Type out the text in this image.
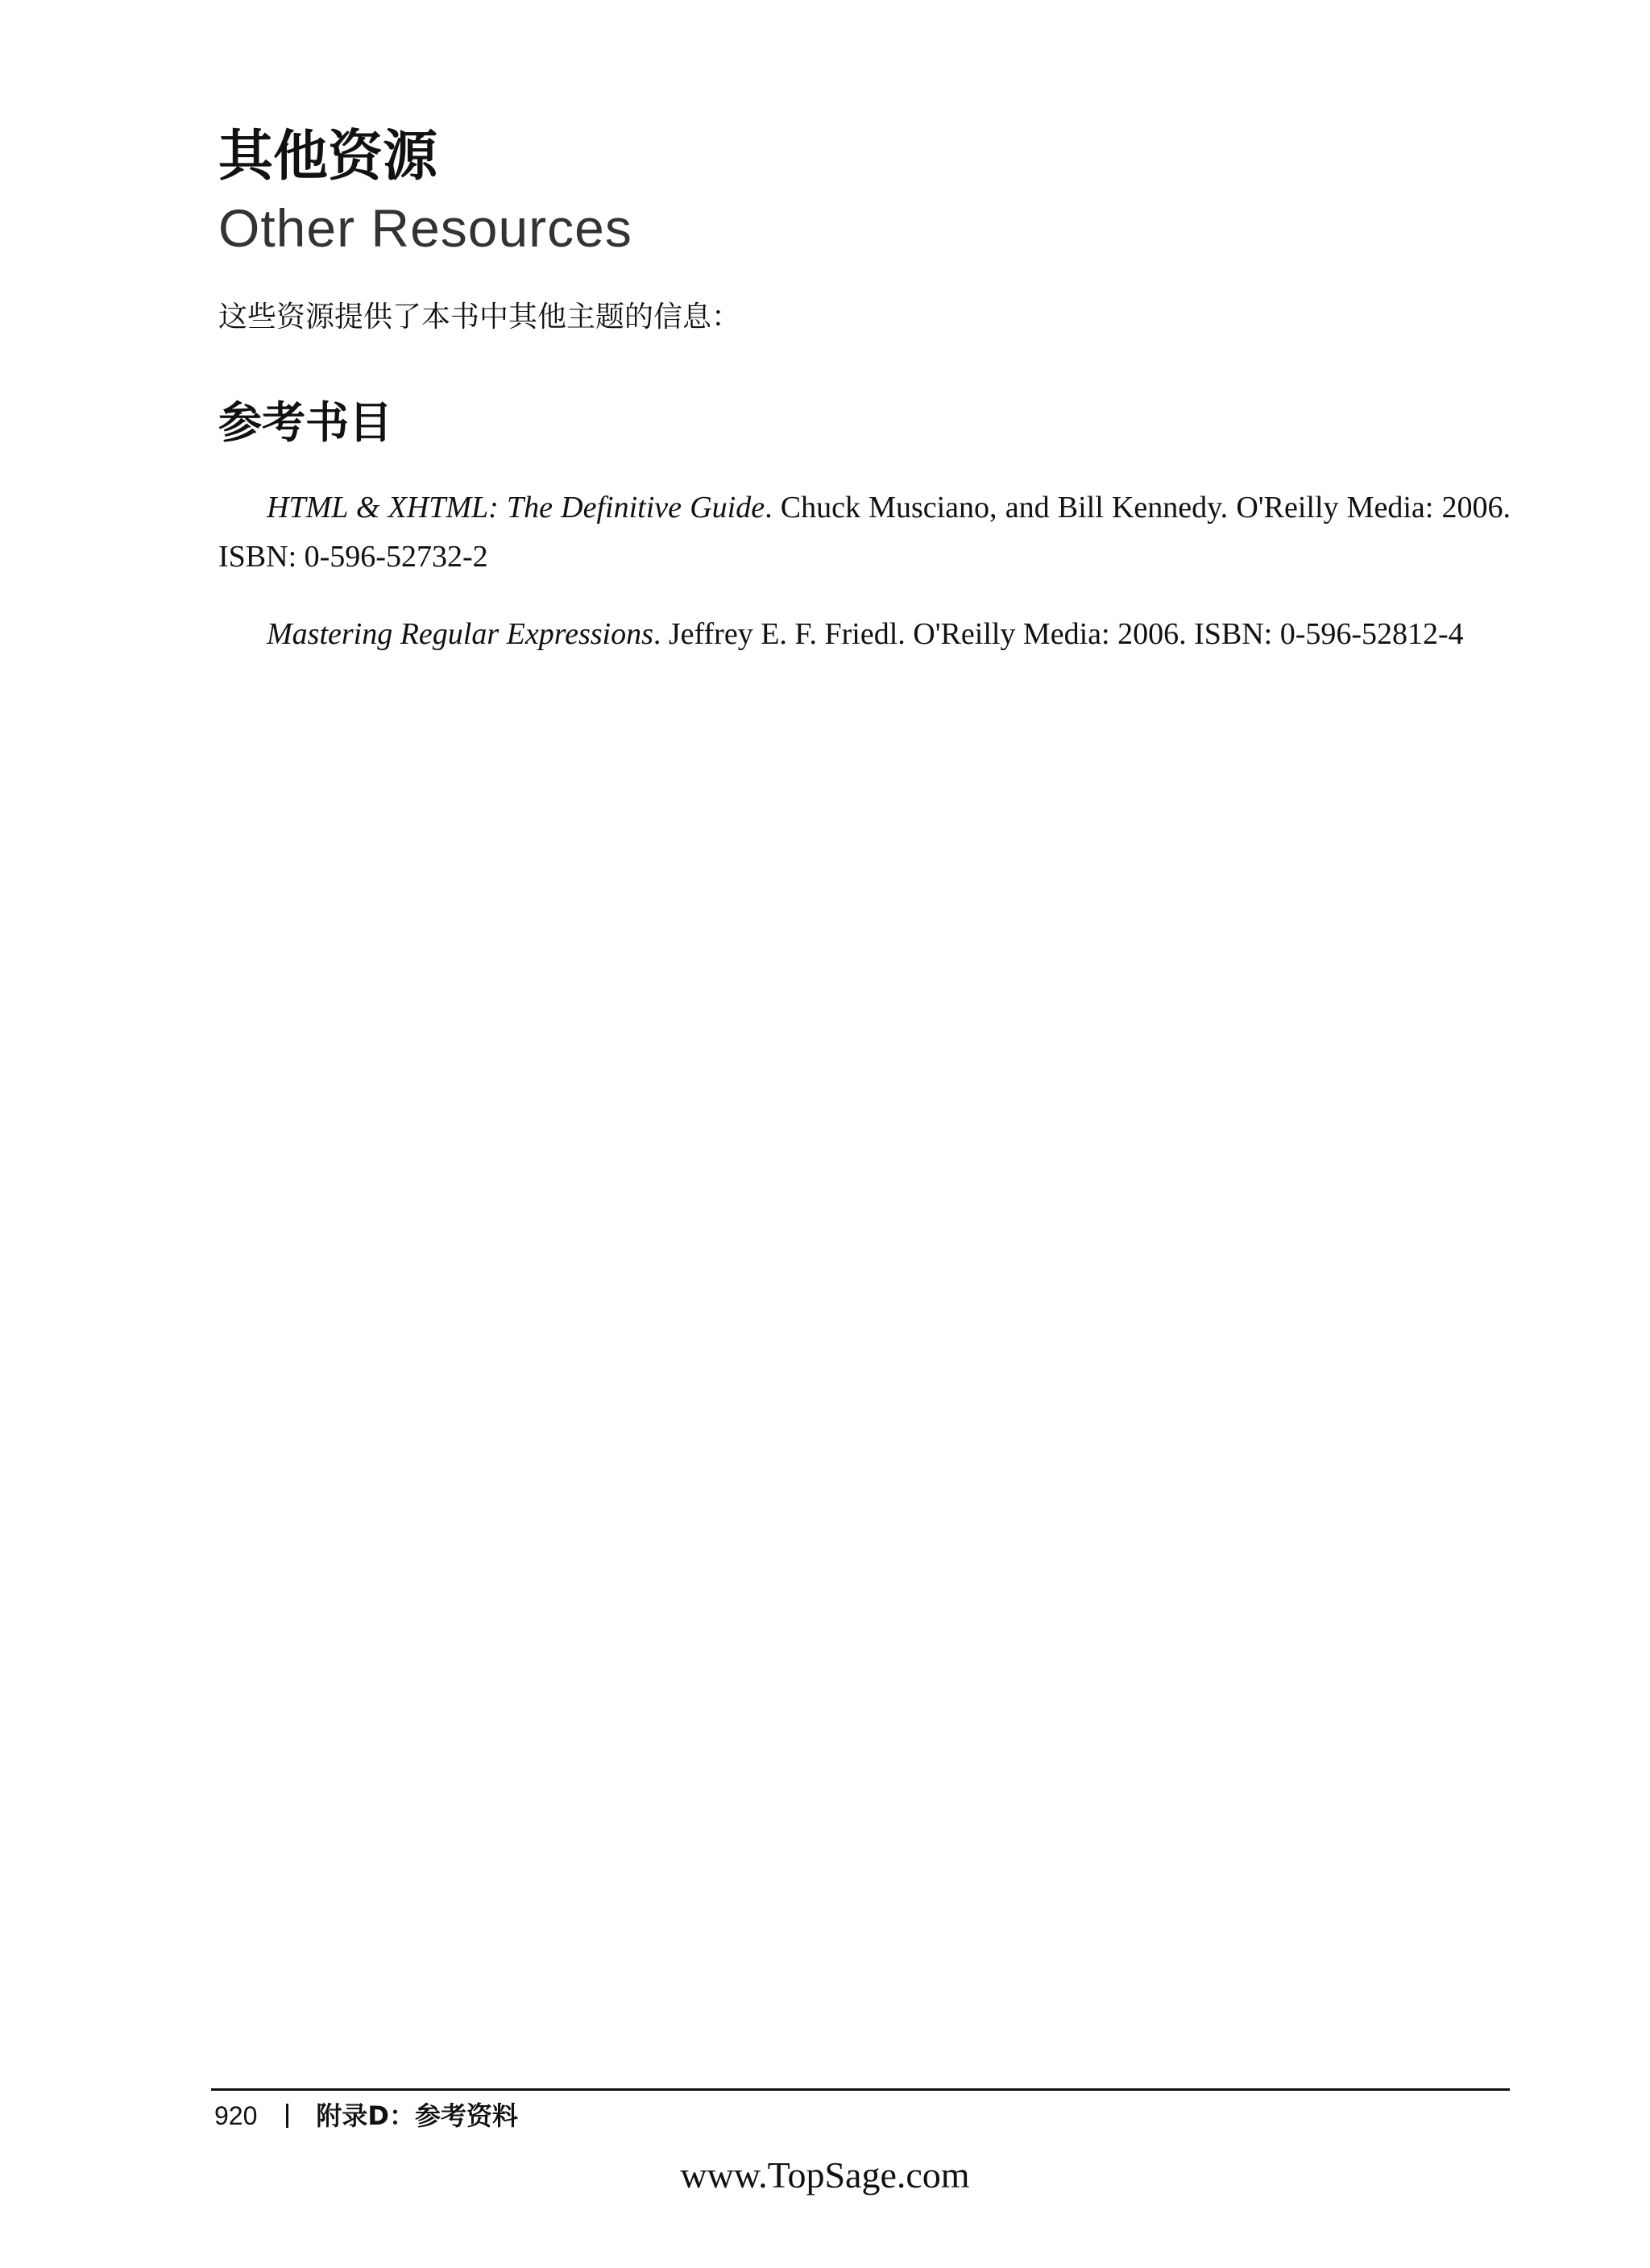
其他资源
Other Resources

这些资源提供了本书中其他主题的信息：

参考书目

HTML & XHTML: The Definitive Guide. Chuck Musciano, and Bill Kennedy. O'Reilly Media: 2006. ISBN: 0-596-52732-2

Mastering Regular Expressions. Jeffrey E. F. Friedl. O'Reilly Media: 2006. ISBN: 0-596-52812-4

920 附录D：参考资料

www.TopSage.com
